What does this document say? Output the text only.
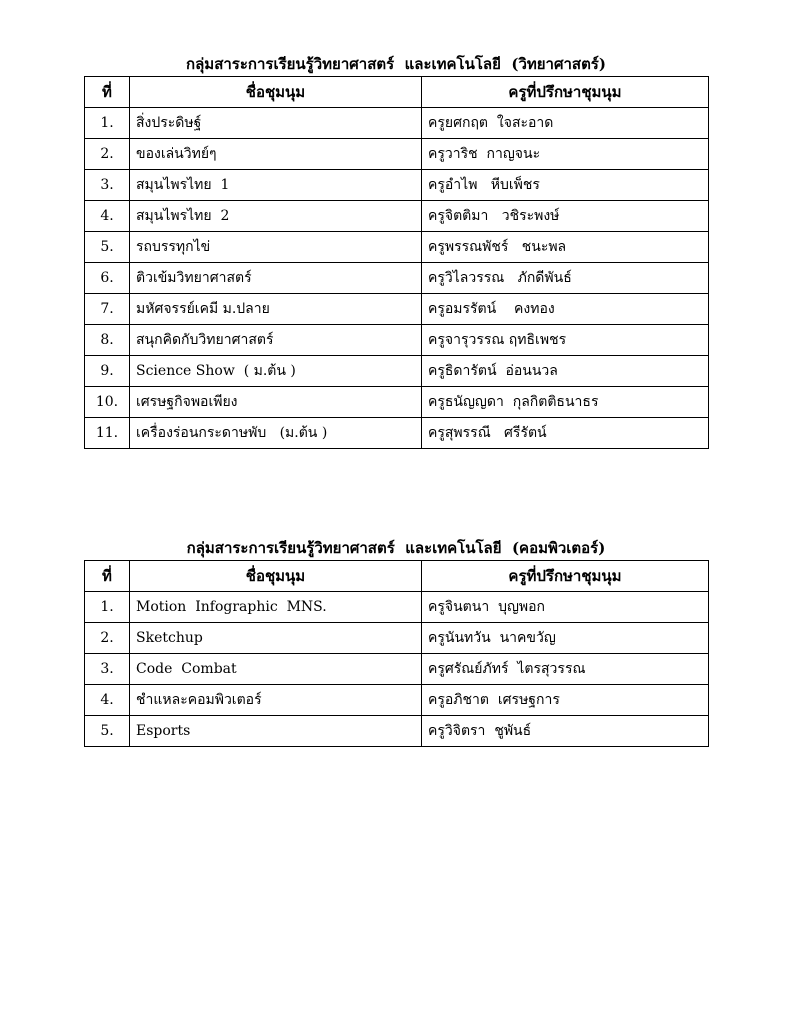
กลุ่มสาระการเรียนรู้วิทยาศาสตร์  และเทคโนโลยี  (วิทยาศาสตร์)
ที่	ชื่อชุมนุม	ครูที่ปรึกษาชุมนุม
1.	สิ่งประดิษฐ์	ครูยศกฤต  ใจสะอาด
2.	ของเล่นวิทย์ๆ	ครูวาริช  กาญจนะ
3.	สมุนไพรไทย  1	ครูอำไพ   หีบเพ็ชร
4.	สมุนไพรไทย  2	ครูจิตติมา   วชิระพงษ์
5.	รถบรรทุกไข่	ครูพรรณพัชร์   ชนะพล
6.	ติวเข้มวิทยาศาสตร์	ครูวิไลวรรณ   ภักดีพันธ์
7.	มหัศจรรย์เคมี ม.ปลาย	ครูอมรรัตน์    คงทอง
8.	สนุกคิดกับวิทยาศาสตร์	ครูจารุวรรณ ฤทธิเพชร
9.	Science Show  ( ม.ต้น )	ครูธิดารัตน์  อ่อนนวล
10.	เศรษฐกิจพอเพียง	ครูธนัญญดา  กุลกิตติธนาธร
11.	เครื่องร่อนกระดาษพับ   (ม.ต้น )	ครูสุพรรณี   ศรีรัตน์
กลุ่มสาระการเรียนรู้วิทยาศาสตร์  และเทคโนโลยี  (คอมพิวเตอร์)
ที่	ชื่อชุมนุม	ครูที่ปรึกษาชุมนุม
1.	Motion  Infographic  MNS.	ครูจินตนา  บุญพอก
2.	Sketchup	ครูนันทวัน  นาคขวัญ
3.	Code  Combat	ครูศรัณย์ภัทร์  ไตรสุวรรณ
4.	ชำแหละคอมพิวเตอร์	ครูอภิชาต  เศรษฐการ
5.	Esports	ครูวิจิตรา  ชูพันธ์
